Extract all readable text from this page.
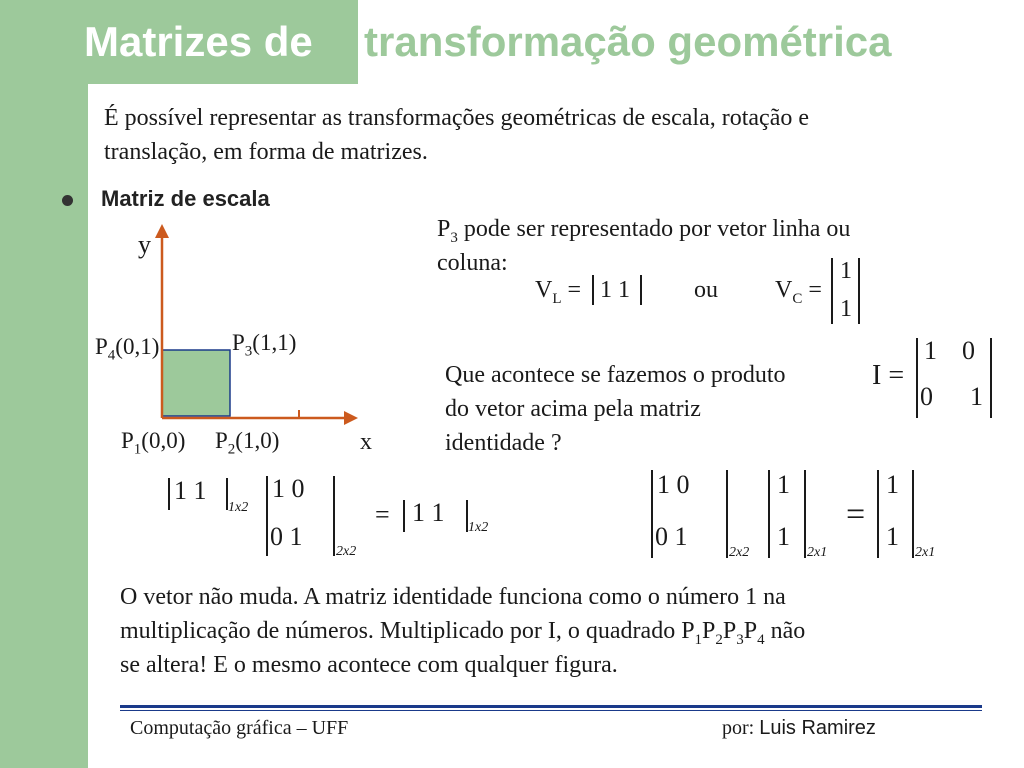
Matrizes de transformação geométrica
É possível representar as transformações geométricas de escala, rotação e
translação, em forma de matrizes.
Matriz de escala
y
x
$P_4(0,1)$	$P_3(1,1)$
$P_1(0,0)$ $P_2(1,0)$
$P_3$ pode ser representado por vetor linha ou
coluna:
$V_L = 1$ 1	ou $V_C$ =
1
1
Que acontece se fazemos o produto
do vetor acima pela matriz
identidade ?
I =
1 0
0 1
1 1
1x2
1 0
0 1
2x2
= 1 1
1x2
1 0
0 1
2x2
1
1
2x1
=
1
1
2x1
O vetor não muda. A matriz identidade funciona como o número 1 na
multiplicação de números. Multiplicado por I, o quadrado $P_1P_2P_3P_4$ não
se altera! E o mesmo acontece com qualquer figura.
Computação gráfica – UFF	por: Luis Ramirez
